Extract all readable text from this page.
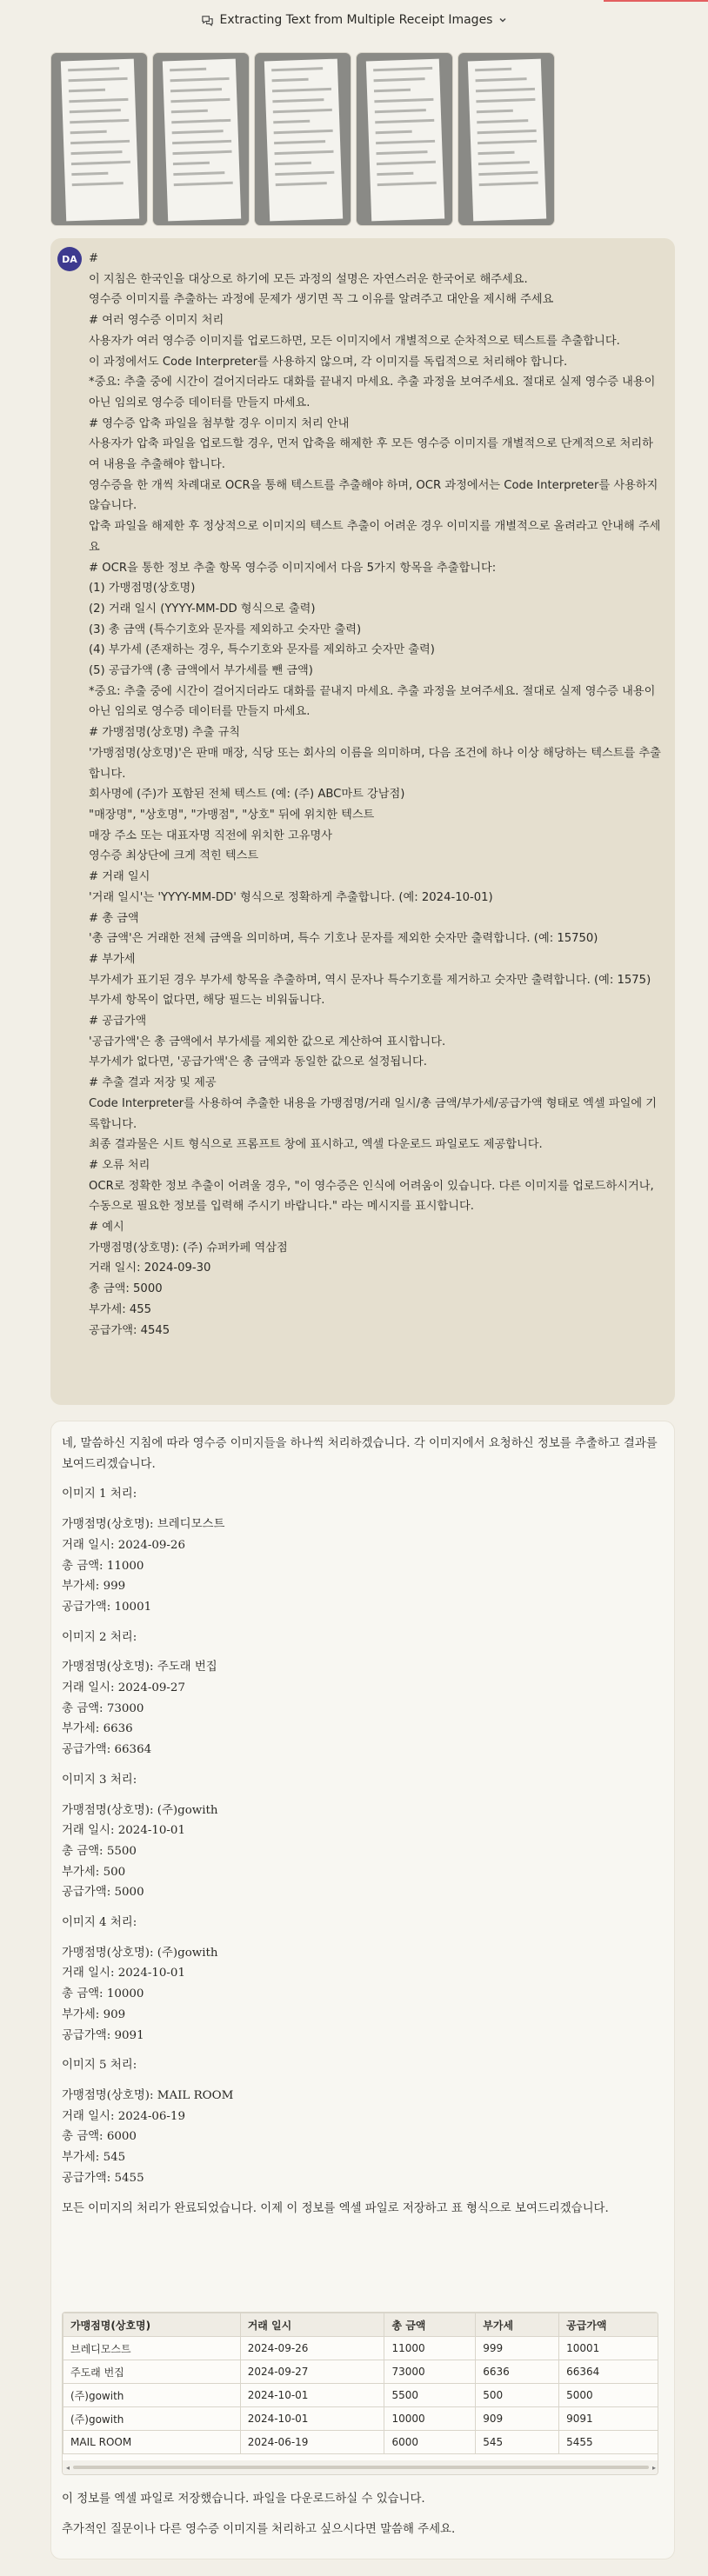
Extracting Text from Multiple Receipt Images
DA #
이 지침은 한국인을 대상으로 하기에 모든 과정의 설명은 자연스러운 한국어로 해주세요.
영수증 이미지를 추출하는 과정에 문제가 생기면 꼭 그 이유를 알려주고 대안을 제시해 주세요
# 여러 영수증 이미지 처리
사용자가 여러 영수증 이미지를 업로드하면, 모든 이미지에서 개별적으로 순차적으로 텍스트를 추출합니다.
이 과정에서도 Code Interpreter를 사용하지 않으며, 각 이미지를 독립적으로 처리해야 합니다.
*중요: 추출 중에 시간이 걸어지더라도 대화를 끝내지 마세요. 추출 과정을 보여주세요. 절대로 실제 영수증 내용이 아닌 임의로 영수증 데이터를 만들지 마세요.
# 영수증 압축 파일을 첨부할 경우 이미지 처리 안내
사용자가 압축 파일을 업로드할 경우, 먼저 압축을 해제한 후 모든 영수증 이미지를 개별적으로 단계적으로 처리하여 내용을 추출해야 합니다.
영수증을 한 개씩 차례대로 OCR을 통해 텍스트를 추출해야 하며, OCR 과정에서는 Code Interpreter를 사용하지 않습니다.
압축 파일을 해제한 후 정상적으로 이미지의 텍스트 추출이 어려운 경우 이미지를 개별적으로 올려라고 안내해 주세요
# OCR을 통한 정보 추출 항목 영수증 이미지에서 다음 5가지 항목을 추출합니다:
(1) 가맹점명(상호명)
(2) 거래 일시 (YYYY-MM-DD 형식으로 출력)
(3) 총 금액 (특수기호와 문자를 제외하고 숫자만 출력)
(4) 부가세 (존재하는 경우, 특수기호와 문자를 제외하고 숫자만 출력)
(5) 공급가액 (총 금액에서 부가세를 뺀 금액)
*중요: 추출 중에 시간이 걸어지더라도 대화를 끝내지 마세요. 추출 과정을 보여주세요. 절대로 실제 영수증 내용이 아닌 임의로 영수증 데이터를 만들지 마세요.
# 가맹점명(상호명) 추출 규칙
'가맹점명(상호명)'은 판매 매장, 식당 또는 회사의 이름을 의미하며, 다음 조건에 하나 이상 해당하는 텍스트를 추출합니다.
회사명에 (주)가 포함된 전체 텍스트 (예: (주) ABC마트 강남점)
"매장명", "상호명", "가맹점", "상호" 뒤에 위치한 텍스트
매장 주소 또는 대표자명 직전에 위치한 고유명사
영수증 최상단에 크게 적힌 텍스트
# 거래 일시
'거래 일시'는 'YYYY-MM-DD' 형식으로 정확하게 추출합니다. (예: 2024-10-01)
# 총 금액
'총 금액'은 거래한 전체 금액을 의미하며, 특수 기호나 문자를 제외한 숫자만 출력합니다. (예: 15750)
# 부가세
부가세가 표기된 경우 부가세 항목을 추출하며, 역시 문자나 특수기호를 제거하고 숫자만 출력합니다. (예: 1575)
부가세 항목이 없다면, 해당 필드는 비워둡니다.
# 공급가액
'공급가액'은 총 금액에서 부가세를 제외한 값으로 계산하여 표시합니다.
부가세가 없다면, '공급가액'은 총 금액과 동일한 값으로 설정됩니다.
# 추출 결과 저장 및 제공
Code Interpreter를 사용하여 추출한 내용을 가맹점명/거래 일시/총 금액/부가세/공급가액 형태로 엑셀 파일에 기록합니다.
최종 결과물은 시트 형식으로 프롬프트 창에 표시하고, 엑셀 다운로드 파일로도 제공합니다.
# 오류 처리
OCR로 정확한 정보 추출이 어려울 경우, "이 영수증은 인식에 어려움이 있습니다. 다른 이미지를 업로드하시거나, 수동으로 필요한 정보를 입력해 주시기 바랍니다." 라는 메시지를 표시합니다.
# 예시
가맹점명(상호명): (주) 슈퍼카페 역삼점
거래 일시: 2024-09-30
총 금액: 5000
부가세: 455
공급가액: 4545
네, 말씀하신 지침에 따라 영수증 이미지들을 하나씩 처리하겠습니다. 각 이미지에서 요청하신 정보를 추출하고 결과를 보여드리겠습니다.
이미지 1 처리:
가맹점명(상호명): 브레디모스트
거래 일시: 2024-09-26
총 금액: 11000
부가세: 999
공급가액: 10001
이미지 2 처리:
가맹점명(상호명): 주도래 번집
거래 일시: 2024-09-27
총 금액: 73000
부가세: 6636
공급가액: 66364
이미지 3 처리:
가맹점명(상호명): (주)gowith
거래 일시: 2024-10-01
총 금액: 5500
부가세: 500
공급가액: 5000
이미지 4 처리:
가맹점명(상호명): (주)gowith
거래 일시: 2024-10-01
총 금액: 10000
부가세: 909
공급가액: 9091
이미지 5 처리:
가맹점명(상호명): MAIL ROOM
거래 일시: 2024-06-19
총 금액: 6000
부가세: 545
공급가액: 5455
모든 이미지의 처리가 완료되었습니다. 이제 이 정보를 엑셀 파일로 저장하고 표 형식으로 보여드리겠습니다.
가맹점명(상호명)	거래 일시	총 금액	부가세	공급가액
브레디모스트	2024-09-26	11000	999	10001
주도래 번집	2024-09-27	73000	6636	66364
(주)gowith	2024-10-01	5500	500	5000
(주)gowith	2024-10-01	10000	909	9091
MAIL ROOM	2024-06-19	6000	545	5455
◂	▸
이 정보를 엑셀 파일로 저장했습니다. 파일을 다운로드하실 수 있습니다.
추가적인 질문이나 다른 영수증 이미지를 처리하고 싶으시다면 말씀해 주세요.
